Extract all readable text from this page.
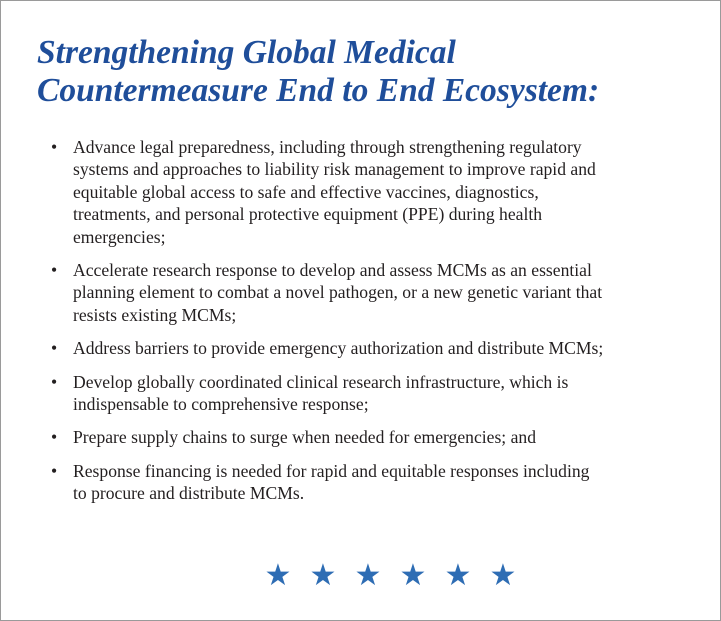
Strengthening Global Medical
Countermeasure End to End Ecosystem:
• Advance legal preparedness, including through strengthening regulatory
systems and approaches to liability risk management to improve rapid and
equitable global access to safe and effective vaccines, diagnostics,
treatments, and personal protective equipment (PPE) during health
emergencies;
• Accelerate research response to develop and assess MCMs as an essential
planning element to combat a novel pathogen, or a new genetic variant that
resists existing MCMs;
• Address barriers to provide emergency authorization and distribute MCMs;
• Develop globally coordinated clinical research infrastructure, which is
indispensable to comprehensive response;
• Prepare supply chains to surge when needed for emergencies; and
• Response financing is needed for rapid and equitable responses including
to procure and distribute MCMs.
★ ★ ★ ★ ★ ★
